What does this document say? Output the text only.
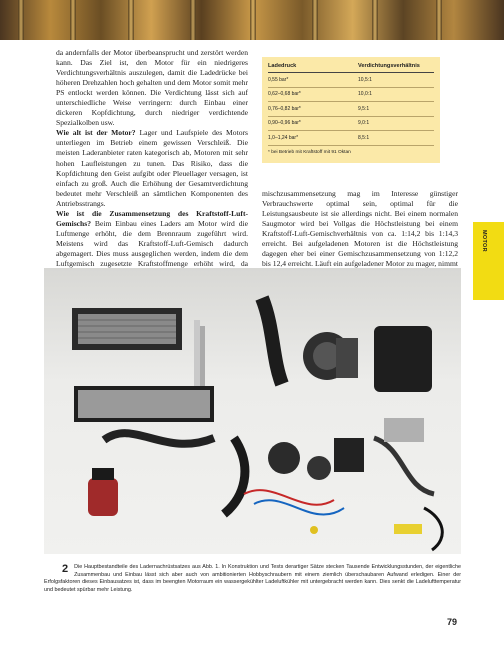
da andernfalls der Motor überbeansprucht und zerstört werden kann. Das Ziel ist, den Motor für ein niedrigeres Verdichtungsverhältnis auszulegen, damit die Ladedrücke bei höheren Drehzahlen hoch gehalten und dem Motor somit mehr PS entlockt werden können. Die Verdichtung lässt sich auf unterschiedliche Weise verringern: durch Einbau einer dickeren Kopfdichtung, durch niedriger verdichtende Spezialkolben usw.

Wie alt ist der Motor? Lager und Laufspiele des Motors unterliegen im Betrieb einem gewissen Verschleiß. Die meisten Laderanbieter raten kategorisch ab, Motoren mit sehr hohen Laufleistungen zu tunen. Das Risiko, dass die Kopfdichtung den Geist aufgibt oder Pleuellager versagen, ist einfach zu groß. Auch die Erhöhung der Gesamtverdichtung bedeutet mehr Verschleiß an sämtlichen Komponenten des Antriebsstrangs.

Wie ist die Zusammensetzung des Kraftstoff-Luft-Gemischs? Beim Einbau eines Laders am Motor wird die Luftmenge erhöht, die dem Brennraum zugeführt wird. Meistens wird das Kraftstoff-Luft-Gemisch dadurch abgemagert. Dies muss ausgeglichen werden, indem die dem Luftgemisch zugesetzte Kraftstoffmenge erhöht wird, da

Ladedruck	Verdichtungsverhältnis
0,55 bar*	10,5:1
0,62–0,68 bar*	10,0:1
0,76–0,82 bar*	9,5:1
0,90–0,96 bar*	9,0:1
1,0–1,24 bar*	8,5:1
* bei Betrieb mit Kraftstoff mit 91 Oktan

mischzusammensetzung mag im Interesse günstiger Verbrauchswerte optimal sein, optimal für die Leistungsausbeute ist sie allerdings nicht. Bei einem normalen Saugmotor wird bei Vollgas die Höchstleistung bei einem Kraftstoff-Luft-Gemischverhältnis von ca. 1:14,2 bis 1:14,3 erreicht. Bei aufgeladenen Motoren ist die Höchstleistung dagegen eher bei einer Gemischzusammensetzung von 1:12,2 bis 12,4 erreicht. Läuft ein aufgeladener Motor zu mager, nimmt

MOTOR
2 Die Hauptbestandteile des Ladernachrüstsatzes aus Abb. 1. In Konstruktion und Tests derartiger Sätze stecken Tausende Entwicklungsstunden, der eigentliche Zusammenbau und Einbau lässt sich aber auch von ambitionierten Hobbyschraubern mit einem ziemlich überschaubaren Aufwand erledigen. Einer der Erfolgsfaktoren dieses Einbausatzes ist, dass im beengten Motorraum ein wassergekühlter Ladeluftkühler mit untergebracht werden kann. Dies senkt die Ladelufttemperatur und bedeutet spürbar mehr Leistung.
79
